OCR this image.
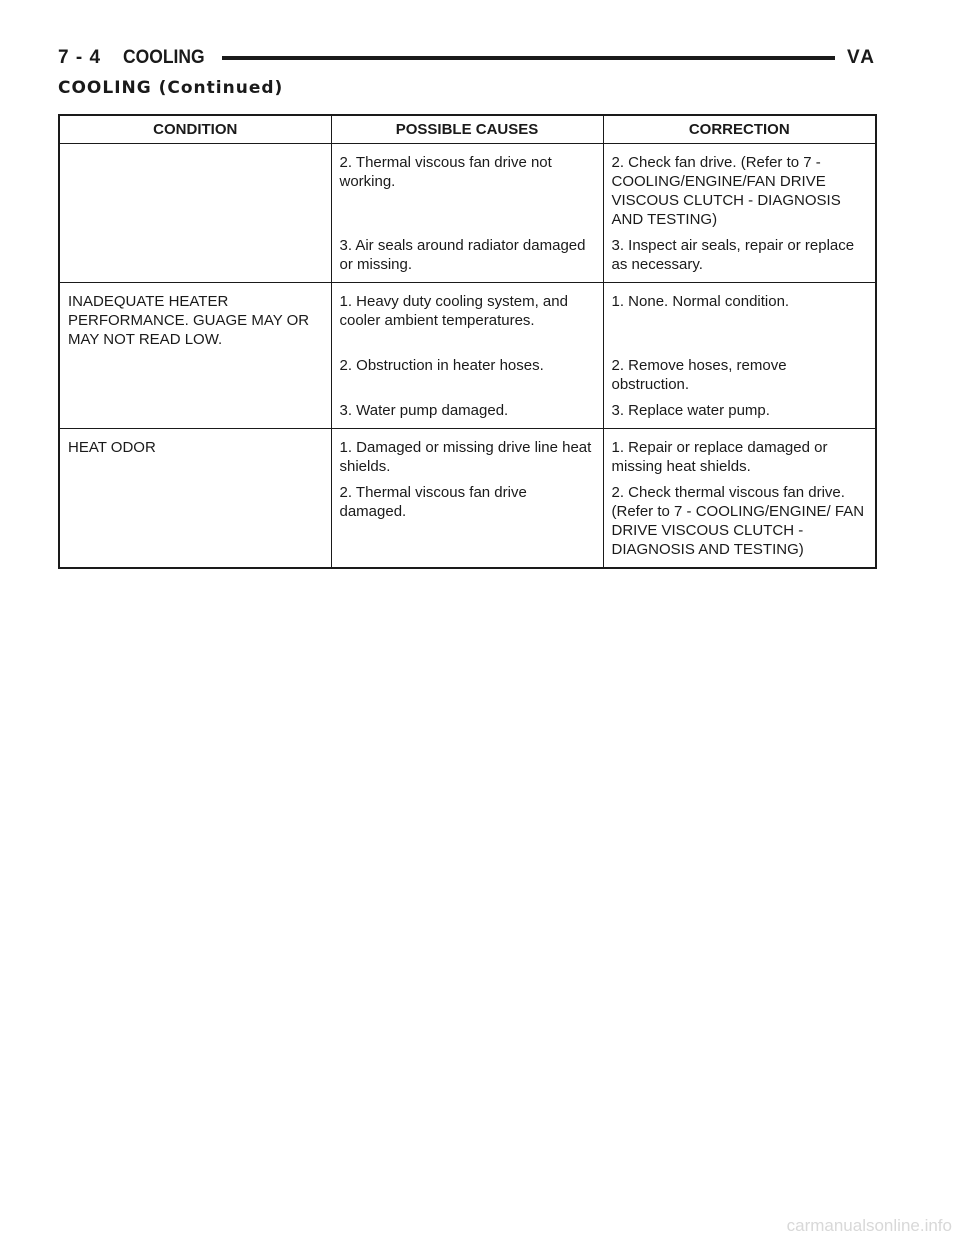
7 - 4 COOLING	VA
COOLING (Continued)
CONDITION	POSSIBLE CAUSES	CORRECTION
	2. Thermal viscous fan drive not working.	2. Check fan drive. (Refer to 7 - COOLING/ENGINE/FAN DRIVE VISCOUS CLUTCH - DIAGNOSIS AND TESTING)
	3. Air seals around radiator damaged or missing.	3. Inspect air seals, repair or replace as necessary.
INADEQUATE HEATER PERFORMANCE. GUAGE MAY OR MAY NOT READ LOW.	1. Heavy duty cooling system, and cooler ambient temperatures.	1. None. Normal condition.
	2. Obstruction in heater hoses.	2. Remove hoses, remove obstruction.
	3. Water pump damaged.	3. Replace water pump.
HEAT ODOR	1. Damaged or missing drive line heat shields.	1. Repair or replace damaged or missing heat shields.
	2. Thermal viscous fan drive damaged.	2. Check thermal viscous fan drive. (Refer to 7 - COOLING/ENGINE/ FAN DRIVE VISCOUS CLUTCH - DIAGNOSIS AND TESTING)
carmanualsonline.info
